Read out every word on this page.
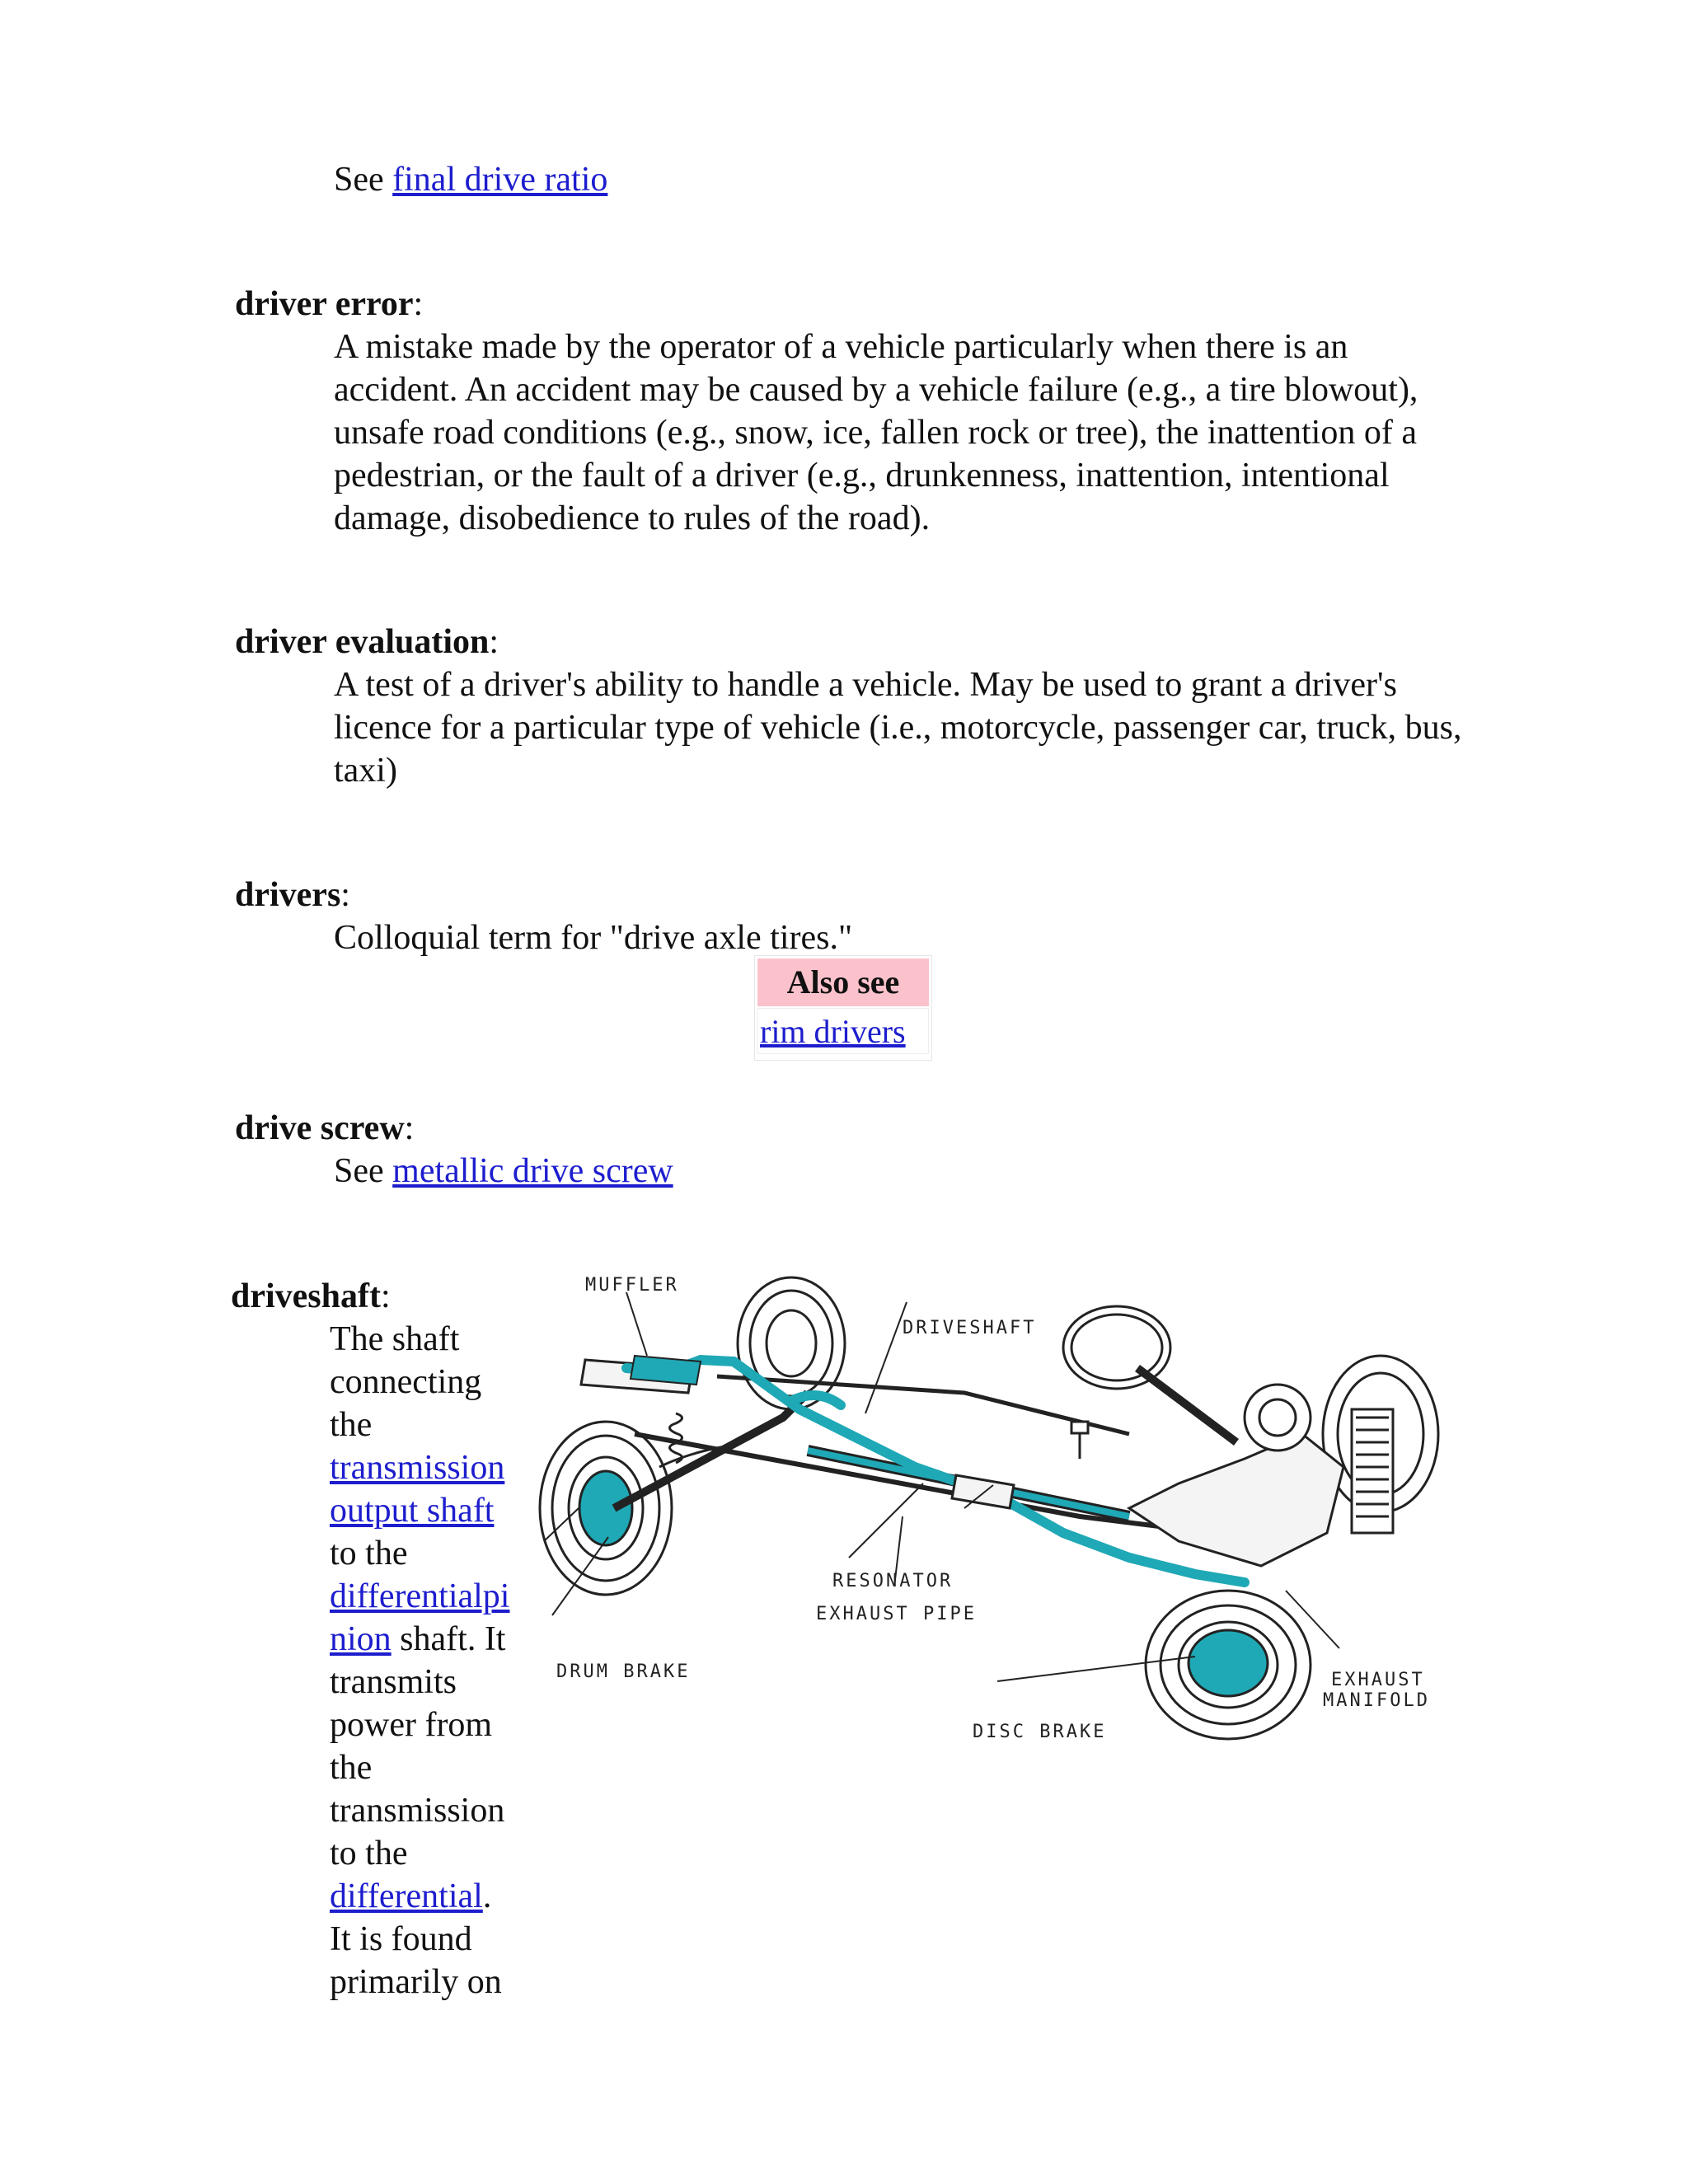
See final drive ratio
driver error:

A mistake made by the operator of a vehicle particularly when there is an accident. An accident may be caused by a vehicle failure (e.g., a tire blowout), unsafe road conditions (e.g., snow, ice, fallen rock or tree), the inattention of a pedestrian, or the fault of a driver (e.g., drunkenness, inattention, intentional damage, disobedience to rules of the road).

driver evaluation:

A test of a driver's ability to handle a vehicle. May be used to grant a driver's licence for a particular type of vehicle (i.e., motorcycle, passenger car, truck, bus, taxi)

drivers:

Colloquial term for "drive axle tires."

Also see
rim drivers
drive screw:
See metallic drive screw
driveshaft:

The shaft connecting the transmission output shaft to the differentialpinion shaft. It transmits power from the transmission to the differential. It is found primarily on

MUFFLER
DRIVESHAFT
RESONATOR
EXHAUST PIPE
DRUM BRAKE
DISC BRAKE
EXHAUST
MANIFOLD
